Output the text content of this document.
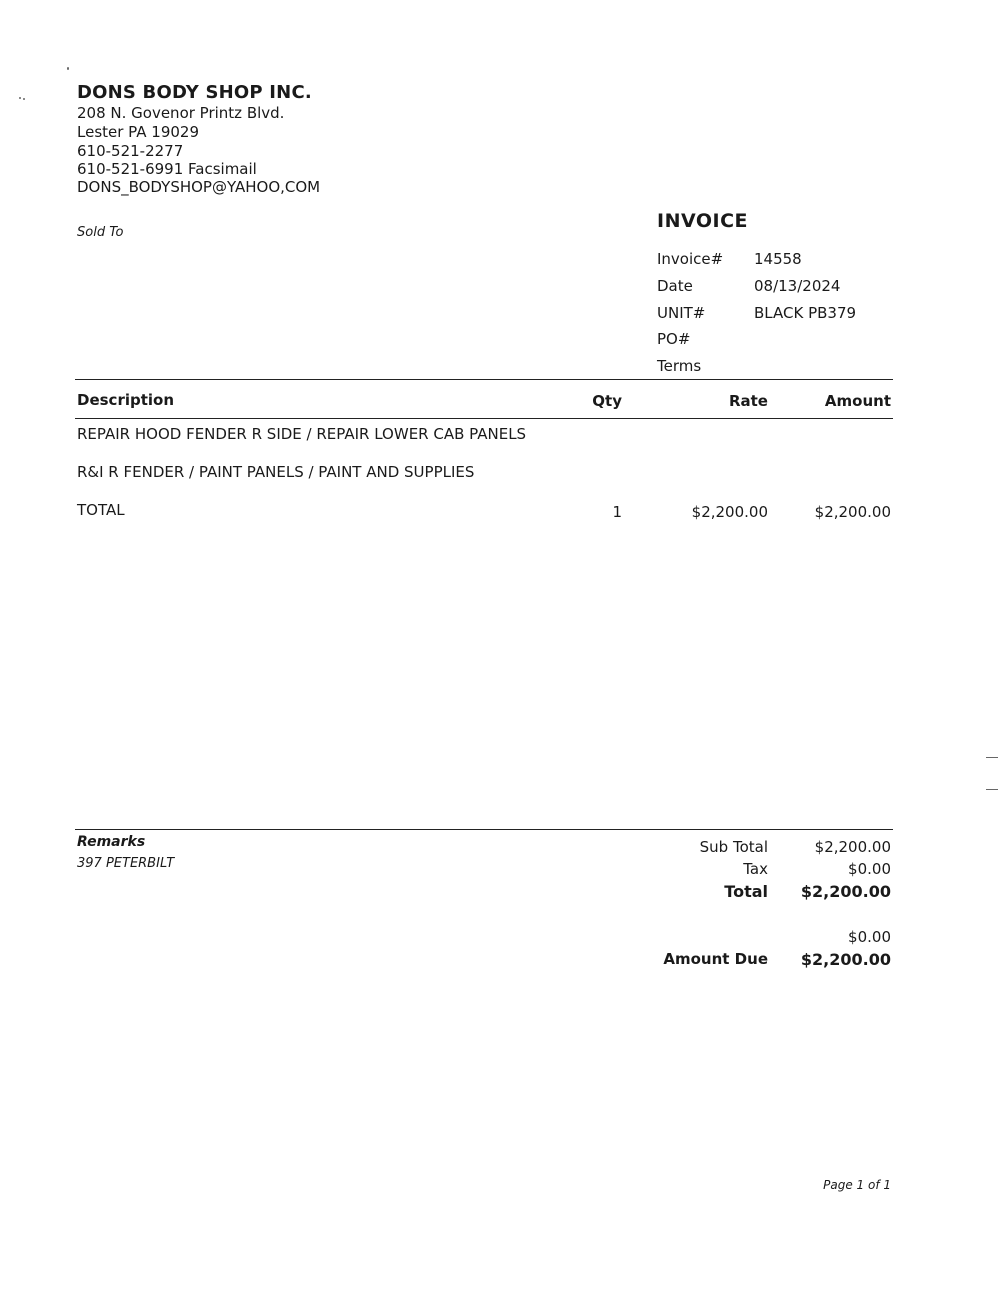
DONS BODY SHOP INC.
208 N. Govenor Printz Blvd.
Lester PA 19029
610-521-2277
610-521-6991 Facsimail
DONS_BODYSHOP@YAHOO,COM
Sold To
INVOICE
Invoice# 14558
Date	08/13/2024
UNIT#	BLACK PB379
PO#
Terms
Description	Qty	Rate	Amount
REPAIR HOOD FENDER R SIDE / REPAIR LOWER CAB PANELS
R&I R FENDER / PAINT PANELS / PAINT AND SUPPLIES
TOTAL	1	$2,200.00	$2,200.00
Remarks
397 PETERBILT
Sub Total	$2,200.00
Tax	$0.00
Total $2,200.00
$0.00
Amount Due $2,200.00
Page 1 of 1
